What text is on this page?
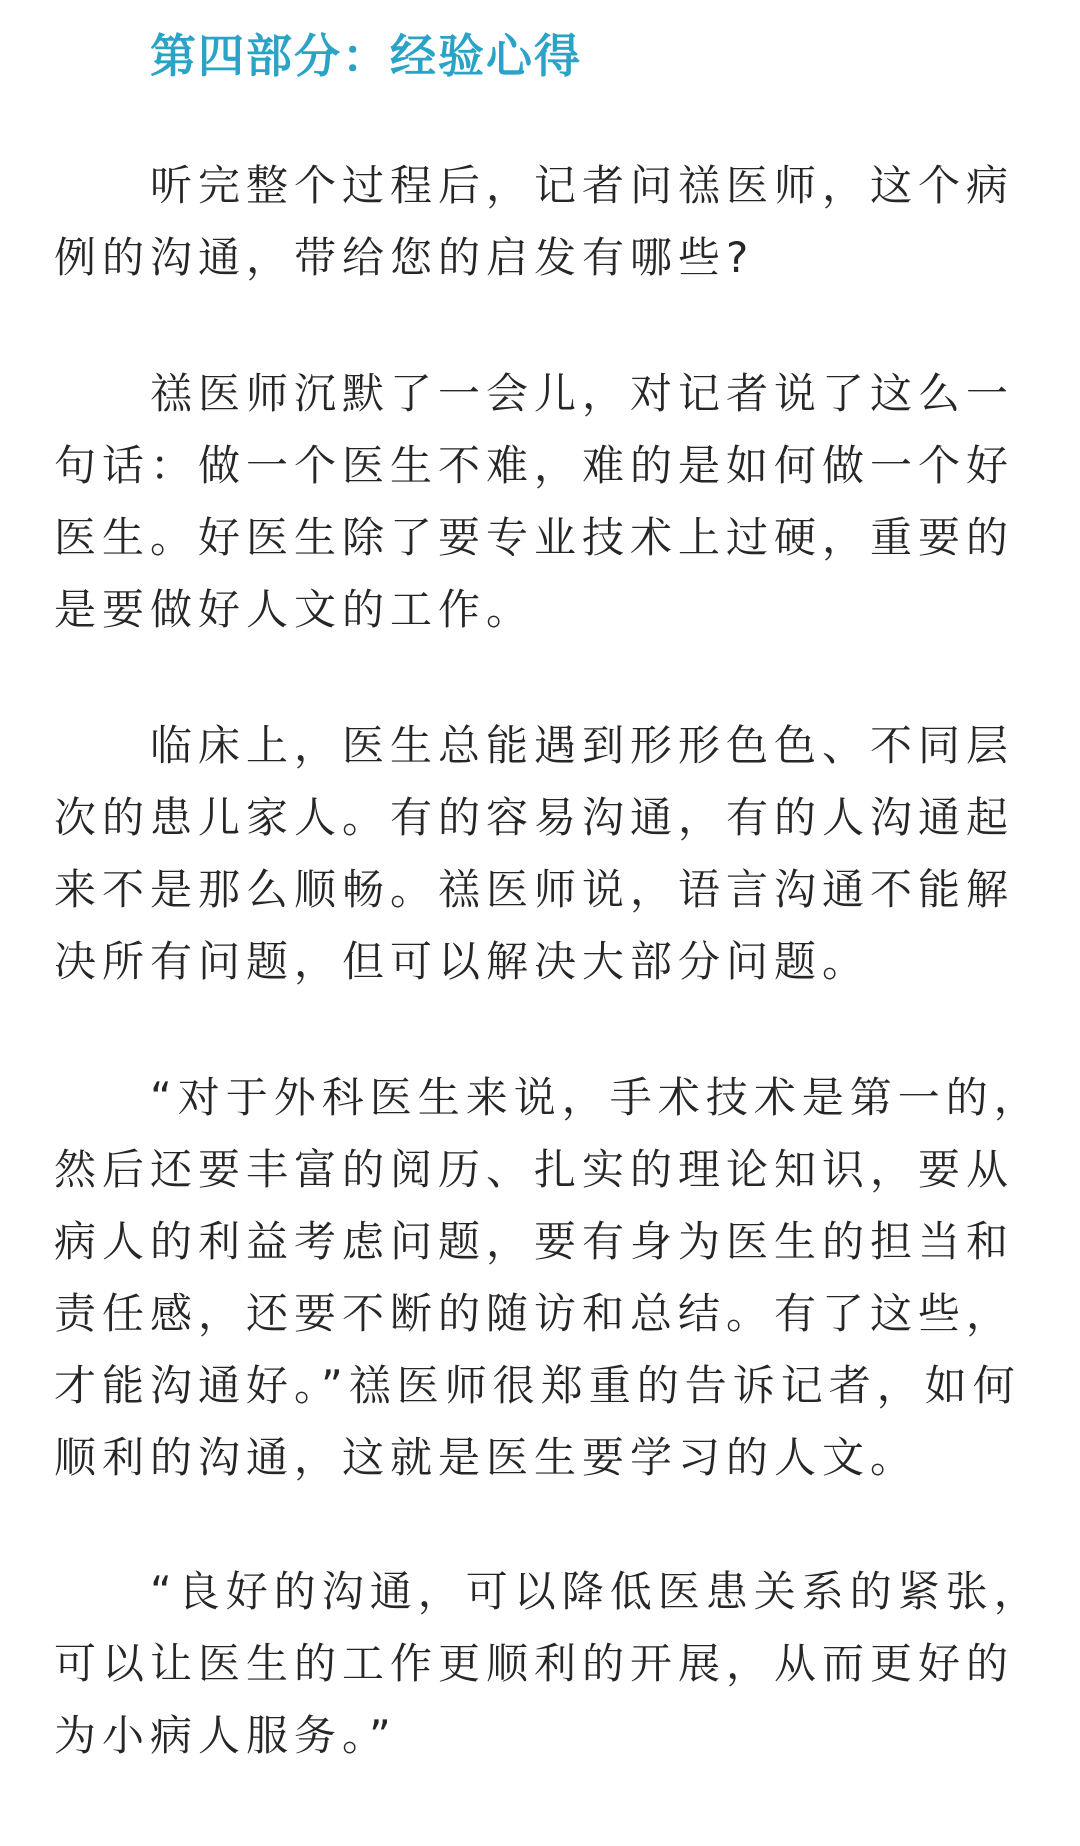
第四部分：经验心得

听完整个过程后，记者问禚医师，这个病
例的沟通，带给您的启发有哪些?

禚医师沉默了一会儿，对记者说了这么一
句话：做一个医生不难，难的是如何做一个好
医生。好医生除了要专业技术上过硬，重要的
是要做好人文的工作。

临床上，医生总能遇到形形色色、不同层
次的患儿家人。有的容易沟通，有的人沟通起
来不是那么顺畅。禚医师说，语言沟通不能解
决所有问题，但可以解决大部分问题。

“对于外科医生来说，手术技术是第一的，
然后还要丰富的阅历、扎实的理论知识，要从
病人的利益考虑问题，要有身为医生的担当和
责任感，还要不断的随访和总结。有了这些，
才能沟通好。”禚医师很郑重的告诉记者，如何
顺利的沟通，这就是医生要学习的人文。

“良好的沟通，可以降低医患关系的紧张，
可以让医生的工作更顺利的开展，从而更好的
为小病人服务。”
